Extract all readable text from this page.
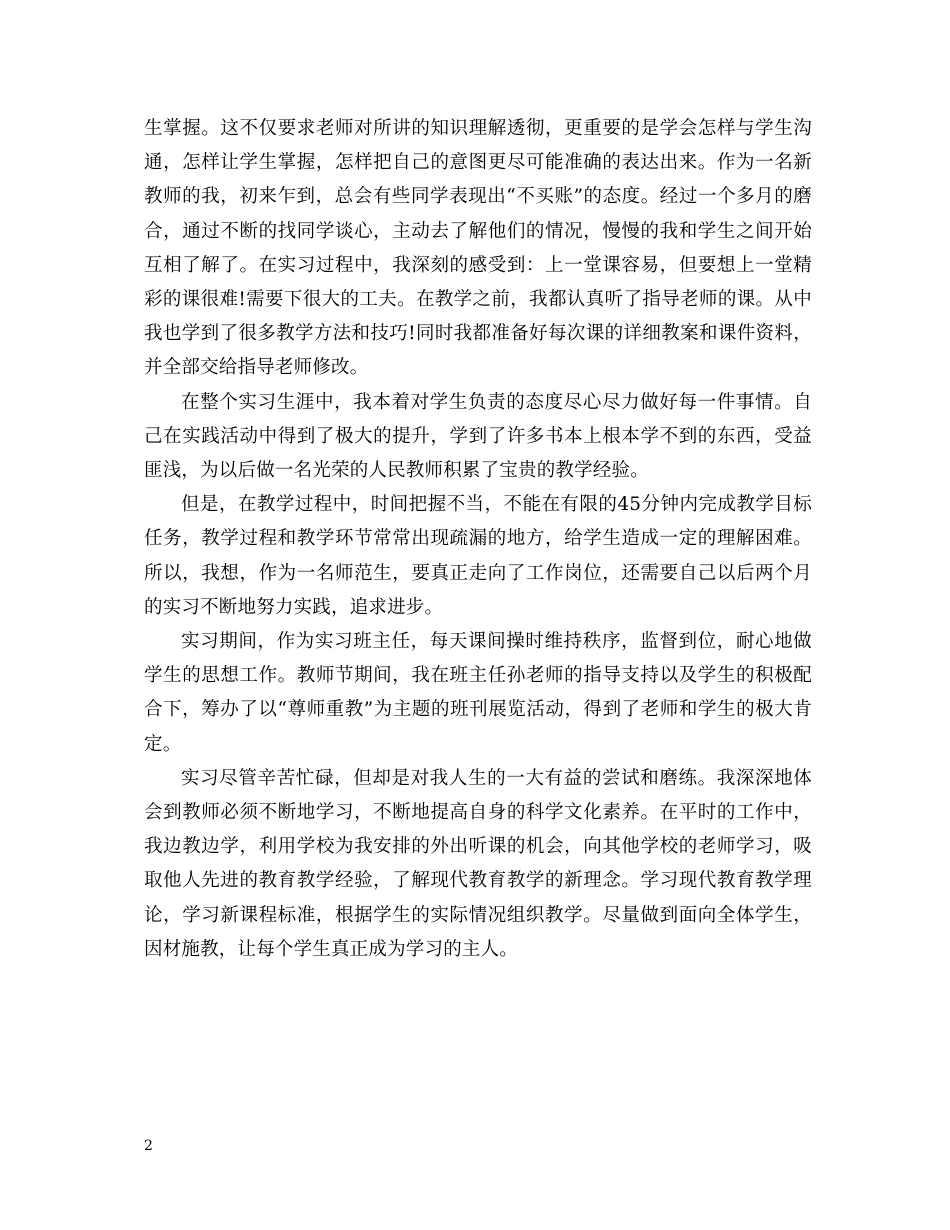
生掌握。这不仅要求老师对所讲的知识理解透彻，更重要的是学会怎样与学生沟通，怎样让学生掌握，怎样把自己的意图更尽可能准确的表达出来。作为一名新教师的我，初来乍到，总会有些同学表现出“不买账”的态度。经过一个多月的磨合，通过不断的找同学谈心，主动去了解他们的情况，慢慢的我和学生之间开始互相了解了。在实习过程中，我深刻的感受到：上一堂课容易，但要想上一堂精彩的课很难!需要下很大的工夫。在教学之前，我都认真听了指导老师的课。从中我也学到了很多教学方法和技巧!同时我都准备好每次课的详细教案和课件资料，并全部交给指导老师修改。

在整个实习生涯中，我本着对学生负责的态度尽心尽力做好每一件事情。自己在实践活动中得到了极大的提升，学到了许多书本上根本学不到的东西，受益匪浅，为以后做一名光荣的人民教师积累了宝贵的教学经验。

但是，在教学过程中，时间把握不当，不能在有限的45分钟内完成教学目标任务，教学过程和教学环节常常出现疏漏的地方，给学生造成一定的理解困难。所以，我想，作为一名师范生，要真正走向了工作岗位，还需要自己以后两个月的实习不断地努力实践，追求进步。

实习期间，作为实习班主任，每天课间操时维持秩序，监督到位，耐心地做学生的思想工作。教师节期间，我在班主任孙老师的指导支持以及学生的积极配合下，筹办了以“尊师重教”为主题的班刊展览活动，得到了老师和学生的极大肯定。

实习尽管辛苦忙碌，但却是对我人生的一大有益的尝试和磨练。我深深地体会到教师必须不断地学习，不断地提高自身的科学文化素养。在平时的工作中，我边教边学，利用学校为我安排的外出听课的机会，向其他学校的老师学习，吸取他人先进的教育教学经验，了解现代教育教学的新理念。学习现代教育教学理论，学习新课程标准，根据学生的实际情况组织教学。尽量做到面向全体学生，因材施教，让每个学生真正成为学习的主人。

2
